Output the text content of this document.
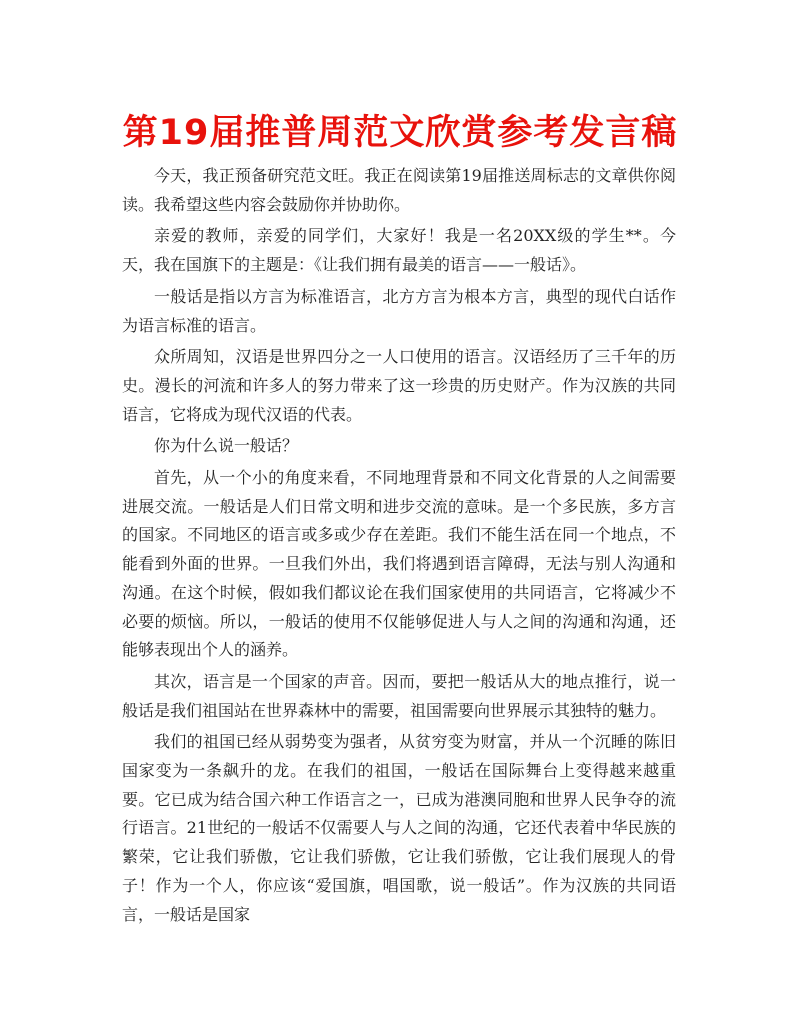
第19届推普周范文欣赏参考发言稿

今天，我正预备研究范文旺。我正在阅读第19届推送周标志的文章供你阅读。我希望这些内容会鼓励你并协助你。

亲爱的教师，亲爱的同学们，大家好！我是一名20XX级的学生**。今天，我在国旗下的主题是：《让我们拥有最美的语言——一般话》。

一般话是指以方言为标准语言，北方方言为根本方言，典型的现代白话作为语言标准的语言。

众所周知，汉语是世界四分之一人口使用的语言。汉语经历了三千年的历史。漫长的河流和许多人的努力带来了这一珍贵的历史财产。作为汉族的共同语言，它将成为现代汉语的代表。

你为什么说一般话？

首先，从一个小的角度来看，不同地理背景和不同文化背景的人之间需要进展交流。一般话是人们日常文明和进步交流的意味。是一个多民族，多方言的国家。不同地区的语言或多或少存在差距。我们不能生活在同一个地点，不能看到外面的世界。一旦我们外出，我们将遇到语言障碍，无法与别人沟通和沟通。在这个时候，假如我们都议论在我们国家使用的共同语言，它将减少不必要的烦恼。所以，一般话的使用不仅能够促进人与人之间的沟通和沟通，还能够表现出个人的涵养。

其次，语言是一个国家的声音。因而，要把一般话从大的地点推行，说一般话是我们祖国站在世界森林中的需要，祖国需要向世界展示其独特的魅力。

我们的祖国已经从弱势变为强者，从贫穷变为财富，并从一个沉睡的陈旧国家变为一条飙升的龙。在我们的祖国，一般话在国际舞台上变得越来越重要。它已成为结合国六种工作语言之一，已成为港澳同胞和世界人民争夺的流行语言。21世纪的一般话不仅需要人与人之间的沟通，它还代表着中华民族的繁荣，它让我们骄傲，它让我们骄傲，它让我们骄傲，它让我们展现人的骨子！作为一个人，你应该“爱国旗，唱国歌，说一般话”。作为汉族的共同语言，一般话是国家
